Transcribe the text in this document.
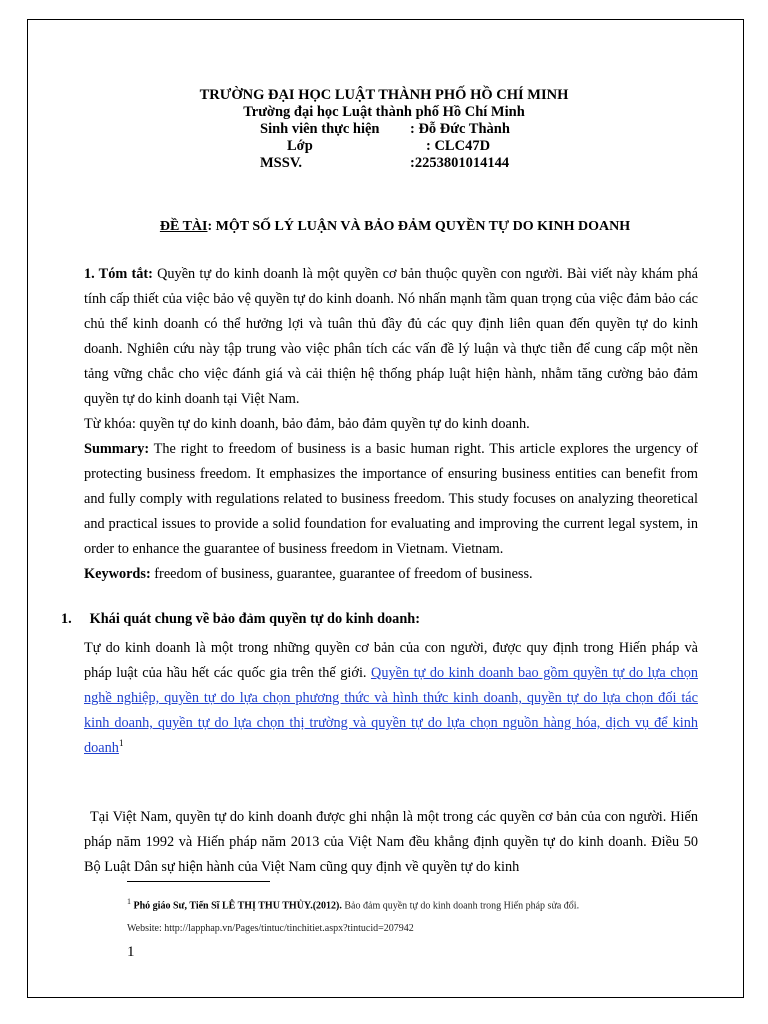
TRƯỜNG ĐẠI HỌC LUẬT THÀNH PHỐ HỒ CHÍ MINH
Trường đại học Luật thành phố Hồ Chí Minh
Sinh viên thực hiện : Đỗ Đức Thành
Lớp	: CLC47D
MSSV.	:2253801014144
ĐỀ TÀI: MỘT SỐ LÝ LUẬN VÀ BẢO ĐẢM QUYỀN TỰ DO KINH DOANH

1. Tóm tắt: Quyền tự do kinh doanh là một quyền cơ bản thuộc quyền con người. Bài viết này khám phá tính cấp thiết của việc bảo vệ quyền tự do kinh doanh. Nó nhấn mạnh tầm quan trọng của việc đảm bảo các chủ thể kinh doanh có thể hưởng lợi và tuân thủ đầy đủ các quy định liên quan đến quyền tự do kinh doanh. Nghiên cứu này tập trung vào việc phân tích các vấn đề lý luận và thực tiễn để cung cấp một nền tảng vững chắc cho việc đánh giá và cải thiện hệ thống pháp luật hiện hành, nhằm tăng cường bảo đảm quyền tự do kinh doanh tại Việt Nam.

Từ khóa: quyền tự do kinh doanh, bảo đảm, bảo đảm quyền tự do kinh doanh.

Summary: The right to freedom of business is a basic human right. This article explores the urgency of protecting business freedom. It emphasizes the importance of ensuring business entities can benefit from and fully comply with regulations related to business freedom. This study focuses on analyzing theoretical and practical issues to provide a solid foundation for evaluating and improving the current legal system, in order to enhance the guarantee of business freedom in Vietnam. Vietnam.

Keywords: freedom of business, guarantee, guarantee of freedom of business.

1. Khái quát chung về bảo đảm quyền tự do kinh doanh:

Tự do kinh doanh là một trong những quyền cơ bản của con người, được quy định trong Hiến pháp và pháp luật của hầu hết các quốc gia trên thế giới. Quyền tự do kinh doanh bao gồm quyền tự do lựa chọn nghề nghiệp, quyền tự do lựa chọn phương thức và hình thức kinh doanh, quyền tự do lựa chọn đối tác kinh doanh, quyền tự do lựa chọn thị trường và quyền tự do lựa chọn nguồn hàng hóa, dịch vụ để kinh doanh$^1$

Tại Việt Nam, quyền tự do kinh doanh được ghi nhận là một trong các quyền cơ bản của con người. Hiến pháp năm 1992 và Hiến pháp năm 2013 của Việt Nam đều khẳng định quyền tự do kinh doanh. Điều 50 Bộ Luật Dân sự hiện hành của Việt Nam cũng quy định về quyền tự do kinh

$^1$ Phó giáo Sư, Tiến Sĩ LÊ THỊ THU THỦY.(2012). Bảo đảm quyền tự do kinh doanh trong Hiến pháp sửa đổi.
Website: http://lapphap.vn/Pages/tintuc/tinchitiet.aspx?tintucid=207942
1
